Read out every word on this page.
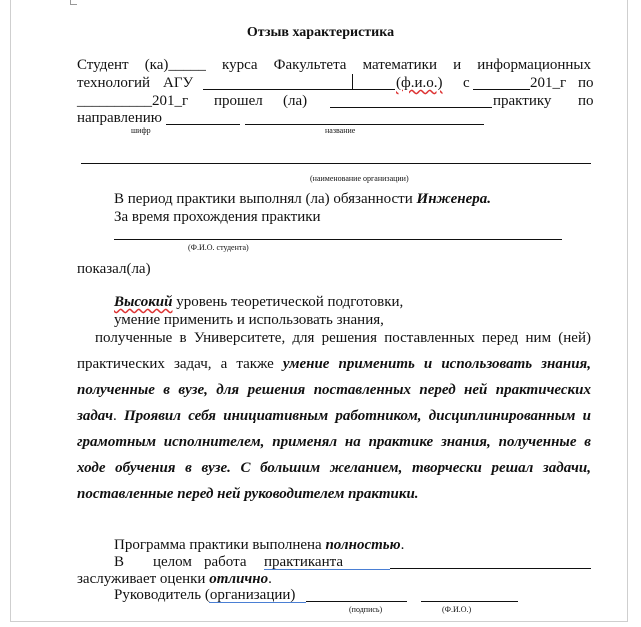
Отзыв характеристика
Студент (ка)_____ курса Факультета математики и информационных
технологий АГУ	(ф.и.о.) с	201_г по
__________ 201_г прошел (ла)	практику по
направлению
шифр	название
(наименование организации)
В период практики выполнял (ла) обязанности Инженера.
За время прохождения практики
(Ф.И.О. студента)
показал(ла)
Высокий уровень теоретической подготовки,
умение применить и использовать знания,
полученные в Университете, для решения поставленных перед ним (ней)
практических задач, а также умение применить и использовать знания,
полученные в вузе, для решения поставленных перед ней практических
задач. Проявил себя инициативным работником, дисциплинированным и
грамотным исполнителем, применял на практике знания, полученные в
ходе обучения в вузе. С большим желанием, творчески решал задачи,
поставленные перед ней руководителем практики.
Программа практики выполнена полностью.
В целом работа практиканта
заслуживает оценки отлично.
Руководитель (организации)
(подпись)	(Ф.И.О.)
